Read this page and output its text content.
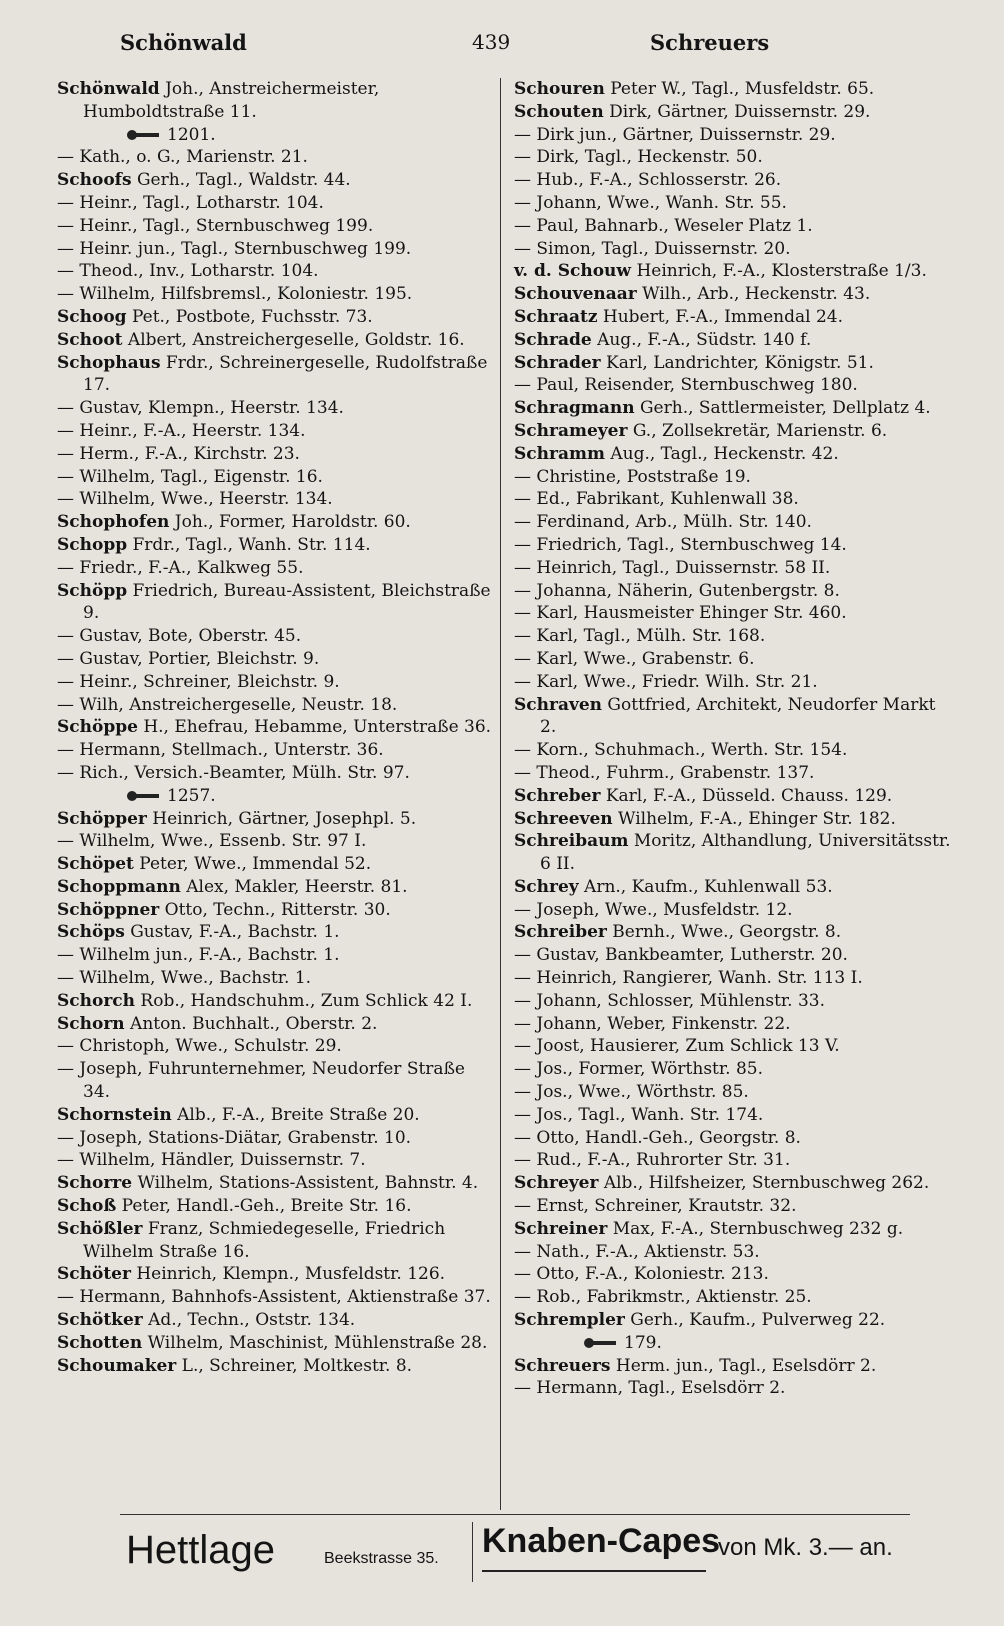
Schönwald	439	Schreuers

Schönwald Joh., Anstreichermeister, Humboldtstraße 11.

1201.

— Kath., o. G., Marienstr. 21.

Schoofs Gerh., Tagl., Waldstr. 44.

— Heinr., Tagl., Lotharstr. 104.

— Heinr., Tagl., Sternbuschweg 199.

— Heinr. jun., Tagl., Sternbuschweg 199.

— Theod., Inv., Lotharstr. 104.

— Wilhelm, Hilfsbremsl., Koloniestr. 195.

Schoog Pet., Postbote, Fuchsstr. 73.

Schoot Albert, Anstreichergeselle, Goldstr. 16.

Schophaus Frdr., Schreinergeselle, Rudolfstraße 17.

— Gustav, Klempn., Heerstr. 134.

— Heinr., F.-A., Heerstr. 134.

— Herm., F.-A., Kirchstr. 23.

— Wilhelm, Tagl., Eigenstr. 16.

— Wilhelm, Wwe., Heerstr. 134.

Schophofen Joh., Former, Haroldstr. 60.

Schopp Frdr., Tagl., Wanh. Str. 114.

— Friedr., F.-A., Kalkweg 55.

Schöpp Friedrich, Bureau-Assistent, Bleichstraße 9.

— Gustav, Bote, Oberstr. 45.

— Gustav, Portier, Bleichstr. 9.

— Heinr., Schreiner, Bleichstr. 9.

— Wilh, Anstreichergeselle, Neustr. 18.

Schöppe H., Ehefrau, Hebamme, Unterstraße 36.

— Hermann, Stellmach., Unterstr. 36.

— Rich., Versich.-Beamter, Mülh. Str. 97.

1257.

Schöpper Heinrich, Gärtner, Josephpl. 5.

— Wilhelm, Wwe., Essenb. Str. 97 I.

Schöpet Peter, Wwe., Immendal 52.

Schoppmann Alex, Makler, Heerstr. 81.

Schöppner Otto, Techn., Ritterstr. 30.

Schöps Gustav, F.-A., Bachstr. 1.

— Wilhelm jun., F.-A., Bachstr. 1.

— Wilhelm, Wwe., Bachstr. 1.

Schorch Rob., Handschuhm., Zum Schlick 42 I.

Schorn Anton. Buchhalt., Oberstr. 2.

— Christoph, Wwe., Schulstr. 29.

— Joseph, Fuhrunternehmer, Neudorfer Straße 34.

Schornstein Alb., F.-A., Breite Straße 20.

— Joseph, Stations-Diätar, Grabenstr. 10.

— Wilhelm, Händler, Duissernstr. 7.

Schorre Wilhelm, Stations-Assistent, Bahnstr. 4.

Schoß Peter, Handl.-Geh., Breite Str. 16.

Schößler Franz, Schmiedegeselle, Friedrich Wilhelm Straße 16.

Schöter Heinrich, Klempn., Musfeldstr. 126.

— Hermann, Bahnhofs-Assistent, Aktienstraße 37.

Schötker Ad., Techn., Oststr. 134.

Schotten Wilhelm, Maschinist, Mühlenstraße 28.

Schoumaker L., Schreiner, Moltkestr. 8.

Schouren Peter W., Tagl., Musfeldstr. 65.

Schouten Dirk, Gärtner, Duissernstr. 29.

— Dirk jun., Gärtner, Duissernstr. 29.

— Dirk, Tagl., Heckenstr. 50.

— Hub., F.-A., Schlosserstr. 26.

— Johann, Wwe., Wanh. Str. 55.

— Paul, Bahnarb., Weseler Platz 1.

— Simon, Tagl., Duissernstr. 20.

v. d. Schouw Heinrich, F.-A., Klosterstraße 1/3.

Schouvenaar Wilh., Arb., Heckenstr. 43.

Schraatz Hubert, F.-A., Immendal 24.

Schrade Aug., F.-A., Südstr. 140 f.

Schrader Karl, Landrichter, Königstr. 51.

— Paul, Reisender, Sternbuschweg 180.

Schragmann Gerh., Sattlermeister, Dellplatz 4.

Schrameyer G., Zollsekretär, Marienstr. 6.

Schramm Aug., Tagl., Heckenstr. 42.

— Christine, Poststraße 19.

— Ed., Fabrikant, Kuhlenwall 38.

— Ferdinand, Arb., Mülh. Str. 140.

— Friedrich, Tagl., Sternbuschweg 14.

— Heinrich, Tagl., Duissernstr. 58 II.

— Johanna, Näherin, Gutenbergstr. 8.

— Karl, Hausmeister Ehinger Str. 460.

— Karl, Tagl., Mülh. Str. 168.

— Karl, Wwe., Grabenstr. 6.

— Karl, Wwe., Friedr. Wilh. Str. 21.

Schraven Gottfried, Architekt, Neudorfer Markt 2.

— Korn., Schuhmach., Werth. Str. 154.

— Theod., Fuhrm., Grabenstr. 137.

Schreber Karl, F.-A., Düsseld. Chauss. 129.

Schreeven Wilhelm, F.-A., Ehinger Str. 182.

Schreibaum Moritz, Althandlung, Universitätsstr. 6 II.

Schrey Arn., Kaufm., Kuhlenwall 53.

— Joseph, Wwe., Musfeldstr. 12.

Schreiber Bernh., Wwe., Georgstr. 8.

— Gustav, Bankbeamter, Lutherstr. 20.

— Heinrich, Rangierer, Wanh. Str. 113 I.

— Johann, Schlosser, Mühlenstr. 33.

— Johann, Weber, Finkenstr. 22.

— Joost, Hausierer, Zum Schlick 13 V.

— Jos., Former, Wörthstr. 85.

— Jos., Wwe., Wörthstr. 85.

— Jos., Tagl., Wanh. Str. 174.

— Otto, Handl.-Geh., Georgstr. 8.

— Rud., F.-A., Ruhrorter Str. 31.

Schreyer Alb., Hilfsheizer, Sternbuschweg 262.

— Ernst, Schreiner, Krautstr. 32.

Schreiner Max, F.-A., Sternbuschweg 232 g.

— Nath., F.-A., Aktienstr. 53.

— Otto, F.-A., Koloniestr. 213.

— Rob., Fabrikmstr., Aktienstr. 25.

Schrempler Gerh., Kaufm., Pulverweg 22.

179.

Schreuers Herm. jun., Tagl., Eselsdörr 2.

— Hermann, Tagl., Eselsdörr 2.

Hettlage	Beekstrasse 35. Knaben-Capes
von Mk. 3.— an.
